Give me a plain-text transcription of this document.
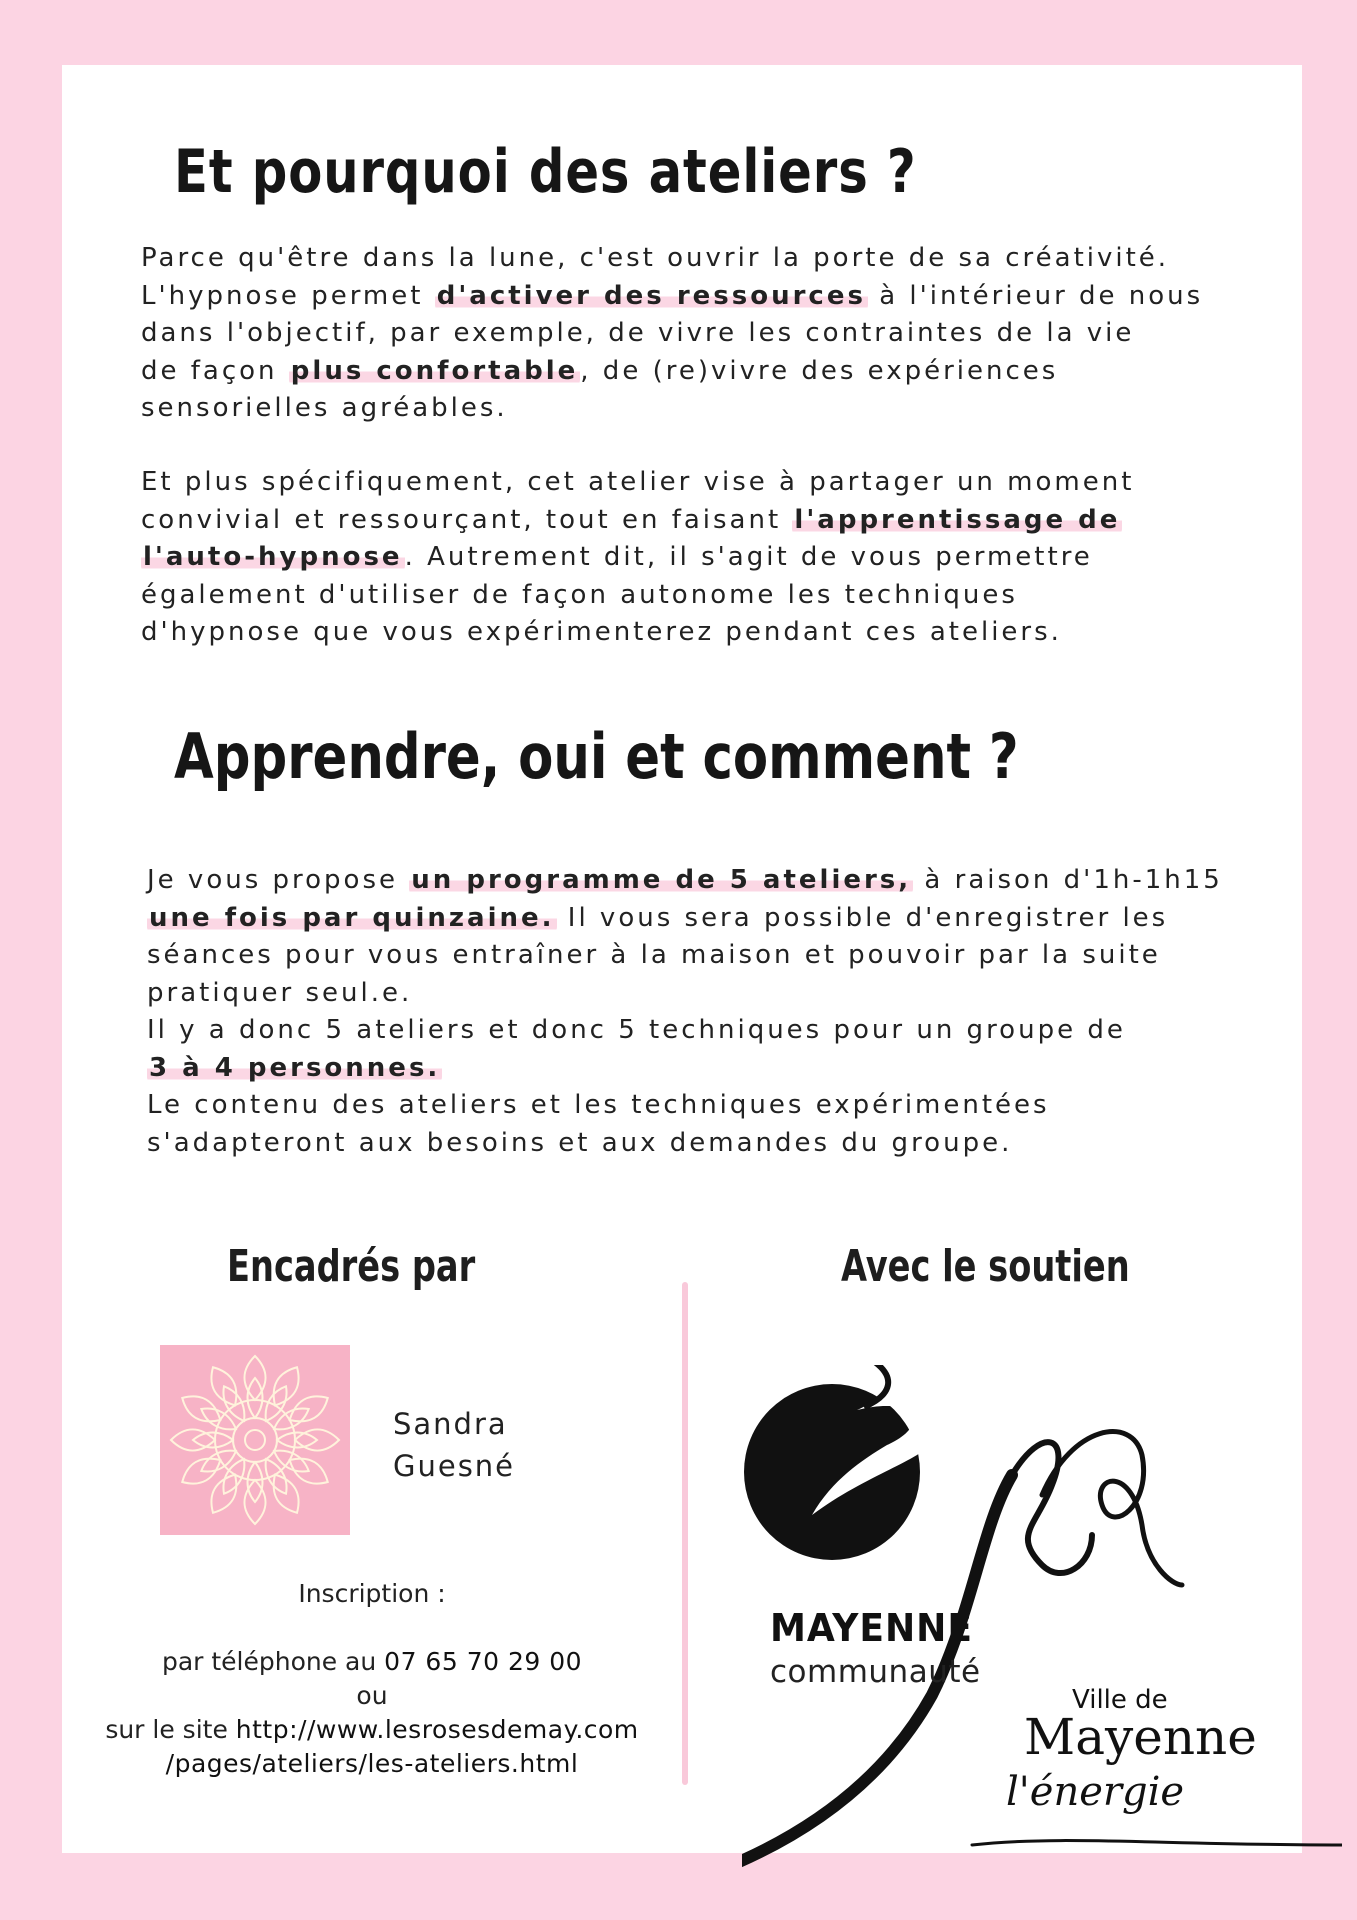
Et pourquoi des ateliers ?
Parce qu'être dans la lune, c'est ouvrir la porte de sa créativité.
L'hypnose permet d'activer des ressources à l'intérieur de nous
dans l'objectif, par exemple, de vivre les contraintes de la vie
de façon plus confortable, de (re)vivre des expériences
sensorielles agréables.
Et plus spécifiquement, cet atelier vise à partager un moment
convivial et ressourçant, tout en faisant l'apprentissage de
l'auto-hypnose. Autrement dit, il s'agit de vous permettre
également d'utiliser de façon autonome les techniques
d'hypnose que vous expérimenterez pendant ces ateliers.
Apprendre, oui et comment ?
Je vous propose un programme de 5 ateliers, à raison d'1h-1h15
une fois par quinzaine. Il vous sera possible d'enregistrer les
séances pour vous entraîner à la maison et pouvoir par la suite
pratiquer seul.e.
Il y a donc 5 ateliers et donc 5 techniques pour un groupe de
3 à 4 personnes.
Le contenu des ateliers et les techniques expérimentées
s'adapteront aux besoins et aux demandes du groupe.
Encadrés par
Sandra
Guesné
Inscription :
par téléphone au 07 65 70 29 00
ou
sur le site http://www.lesrosesdemay.com
/pages/ateliers/les-ateliers.html
Avec le soutien
MAYENNE
communauté
Ville de
Mayenne
l'énergie
